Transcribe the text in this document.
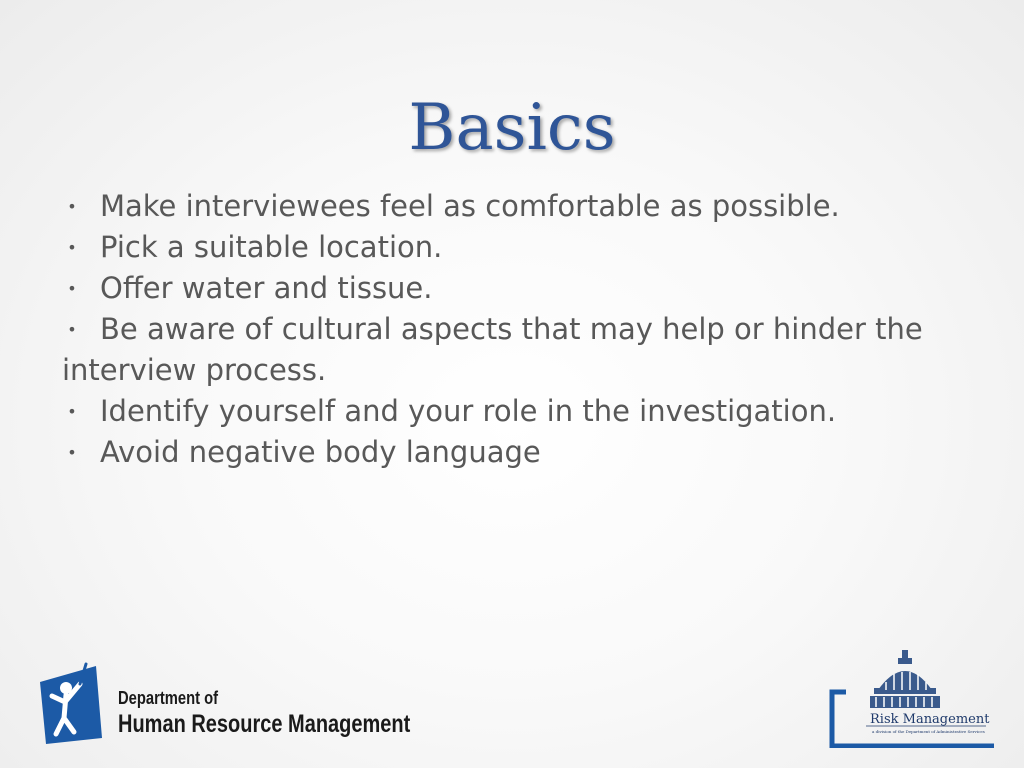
Basics
• Make interviewees feel as comfortable as possible.
• Pick a suitable location.
• Offer water and tissue.
• Be aware of cultural aspects that may help or hinder the interview process.
• Identify yourself and your role in the investigation.
• Avoid negative body language
Department of
Human Resource Management	Risk Management
a division of the Department of Administrative Services
